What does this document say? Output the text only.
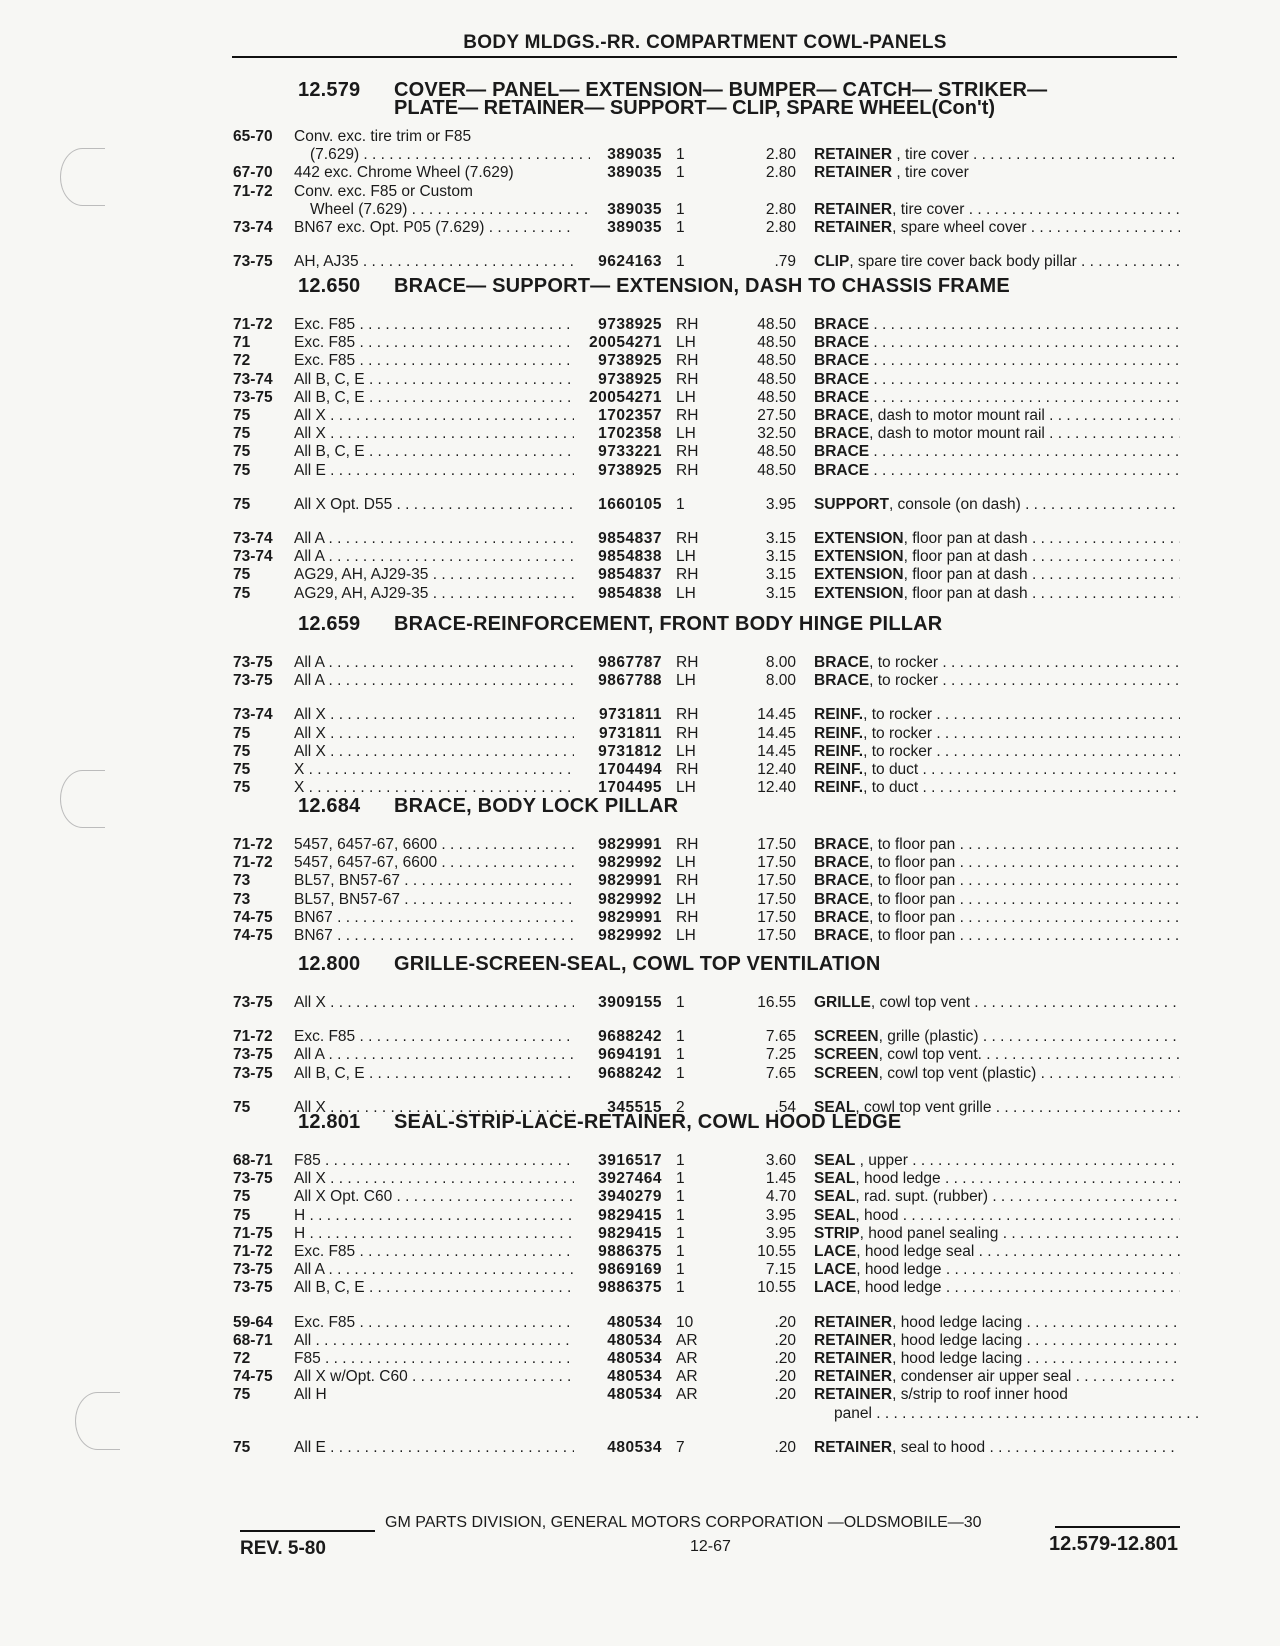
BODY MLDGS.-RR. COMPARTMENT COWL-PANELS
12.579 COVER— PANEL— EXTENSION— BUMPER— CATCH— STRIKER—
PLATE— RETAINER— SUPPORT— CLIP, SPARE WHEEL(Con't)
65-70	Conv. exc. tire trim or F85
(7.629) . . .	389035 1	2.80 RETAINER , tire cover . . .
67-70	442 exc. Chrome Wheel (7.629)	389035 1	2.80 RETAINER , tire cover
71-72	Conv. exc. F85 or Custom
Wheel (7.629) . . .	389035 1	2.80 RETAINER, tire cover . . .
73-74	BN67 exc. Opt. P05 (7.629) . . .	389035 1	2.80 RETAINER, spare wheel cover . . .
73-75	AH, AJ35 . . .	9624163 1	.79 CLIP, spare tire cover back body pillar . . .
12.650 BRACE— SUPPORT— EXTENSION, DASH TO CHASSIS FRAME
71-72	Exc. F85 . . .	9738925 RH	48.50 BRACE . . .
71	Exc. F85 . . .	20054271 LH	48.50 BRACE . . .
72	Exc. F85 . . .	9738925 RH	48.50 BRACE . . .
73-74	All B, C, E . . .	9738925 RH	48.50 BRACE . . .
73-75	All B, C, E . . .	20054271 LH	48.50 BRACE . . .
75	All X . . .	1702357 RH	27.50 BRACE, dash to motor mount rail . . .
75	All X . . .	1702358 LH	32.50 BRACE, dash to motor mount rail . . .
75	All B, C, E . . .	9733221 RH	48.50 BRACE . . .
75	All E . . .	9738925 RH	48.50 BRACE . . .
75	All X Opt. D55 . . .	1660105 1	3.95 SUPPORT, console (on dash) . . .
73-74	All A . . .	9854837 RH	3.15 EXTENSION, floor pan at dash . . .
73-74	All A . . .	9854838 LH	3.15 EXTENSION, floor pan at dash . . .
75	AG29, AH, AJ29-35 . . .	9854837 RH	3.15 EXTENSION, floor pan at dash . . .
75	AG29, AH, AJ29-35 . . .	9854838 LH	3.15 EXTENSION, floor pan at dash . . .
12.659 BRACE-REINFORCEMENT, FRONT BODY HINGE PILLAR
73-75	All A . . .	9867787 RH	8.00 BRACE, to rocker . . .
73-75	All A . . .	9867788 LH	8.00 BRACE, to rocker . . .
73-74	All X . . .	9731811 RH	14.45 REINF., to rocker . . .
75	All X . . .	9731811 RH	14.45 REINF., to rocker . . .
75	All X . . .	9731812 LH	14.45 REINF., to rocker . . .
75	X . . .	1704494 RH	12.40 REINF., to duct . . .
75	X . . .	1704495 LH	12.40 REINF., to duct . . .
12.684 BRACE, BODY LOCK PILLAR
71-72	5457, 6457-67, 6600 . . .	9829991 RH	17.50 BRACE, to floor pan . . .
71-72	5457, 6457-67, 6600 . . .	9829992 LH	17.50 BRACE, to floor pan . . .
73	BL57, BN57-67 . . .	9829991 RH	17.50 BRACE, to floor pan . . .
73	BL57, BN57-67 . . .	9829992 LH	17.50 BRACE, to floor pan . . .
74-75	BN67 . . .	9829991 RH	17.50 BRACE, to floor pan . . .
74-75	BN67 . . .	9829992 LH	17.50 BRACE, to floor pan . . .
12.800 GRILLE-SCREEN-SEAL, COWL TOP VENTILATION
73-75	All X . . .	3909155 1	16.55 GRILLE, cowl top vent . . .
71-72	Exc. F85 . . .	9688242 1	7.65 SCREEN, grille (plastic) . . .
73-75	All A . . .	9694191 1	7.25 SCREEN, cowl top vent. . . .
73-75	All B, C, E . . .	9688242 1	7.65 SCREEN, cowl top vent (plastic) . . .
75	All X . . .	345515 2	.54 SEAL, cowl top vent grille . . .
12.801 SEAL-STRIP-LACE-RETAINER, COWL HOOD LEDGE
68-71	F85 . . .	3916517 1	3.60 SEAL , upper . . .
73-75	All X . . .	3927464 1	1.45 SEAL, hood ledge . . .
75	All X Opt. C60 . . .	3940279 1	4.70 SEAL, rad. supt. (rubber) . . .
75	H . . .	9829415 1	3.95 SEAL, hood . . .
71-75	H . . .	9829415 1	3.95 STRIP, hood panel sealing . . .
71-72	Exc. F85 . . .	9886375 1	10.55 LACE, hood ledge seal . . .
73-75	All A . . .	9869169 1	7.15 LACE, hood ledge . . .
73-75	All B, C, E . . .	9886375 1	10.55 LACE, hood ledge . . .
59-64	Exc. F85 . . .	480534 10	.20 RETAINER, hood ledge lacing . . .
68-71	All . . .	480534 AR	.20 RETAINER, hood ledge lacing . . .
72	F85 . . .	480534 AR	.20 RETAINER, hood ledge lacing . . .
74-75	All X w/Opt. C60 . . .	480534 AR	.20 RETAINER, condenser air upper seal . . .
75	All H	480534 AR	.20 RETAINER, s/strip to roof inner hood
panel . . .
75	All E . . .	480534 7	.20 RETAINER, seal to hood . . .
GM PARTS DIVISION, GENERAL MOTORS CORPORATION —OLDSMOBILE—30
REV. 5-80	12-67	12.579-12.801
